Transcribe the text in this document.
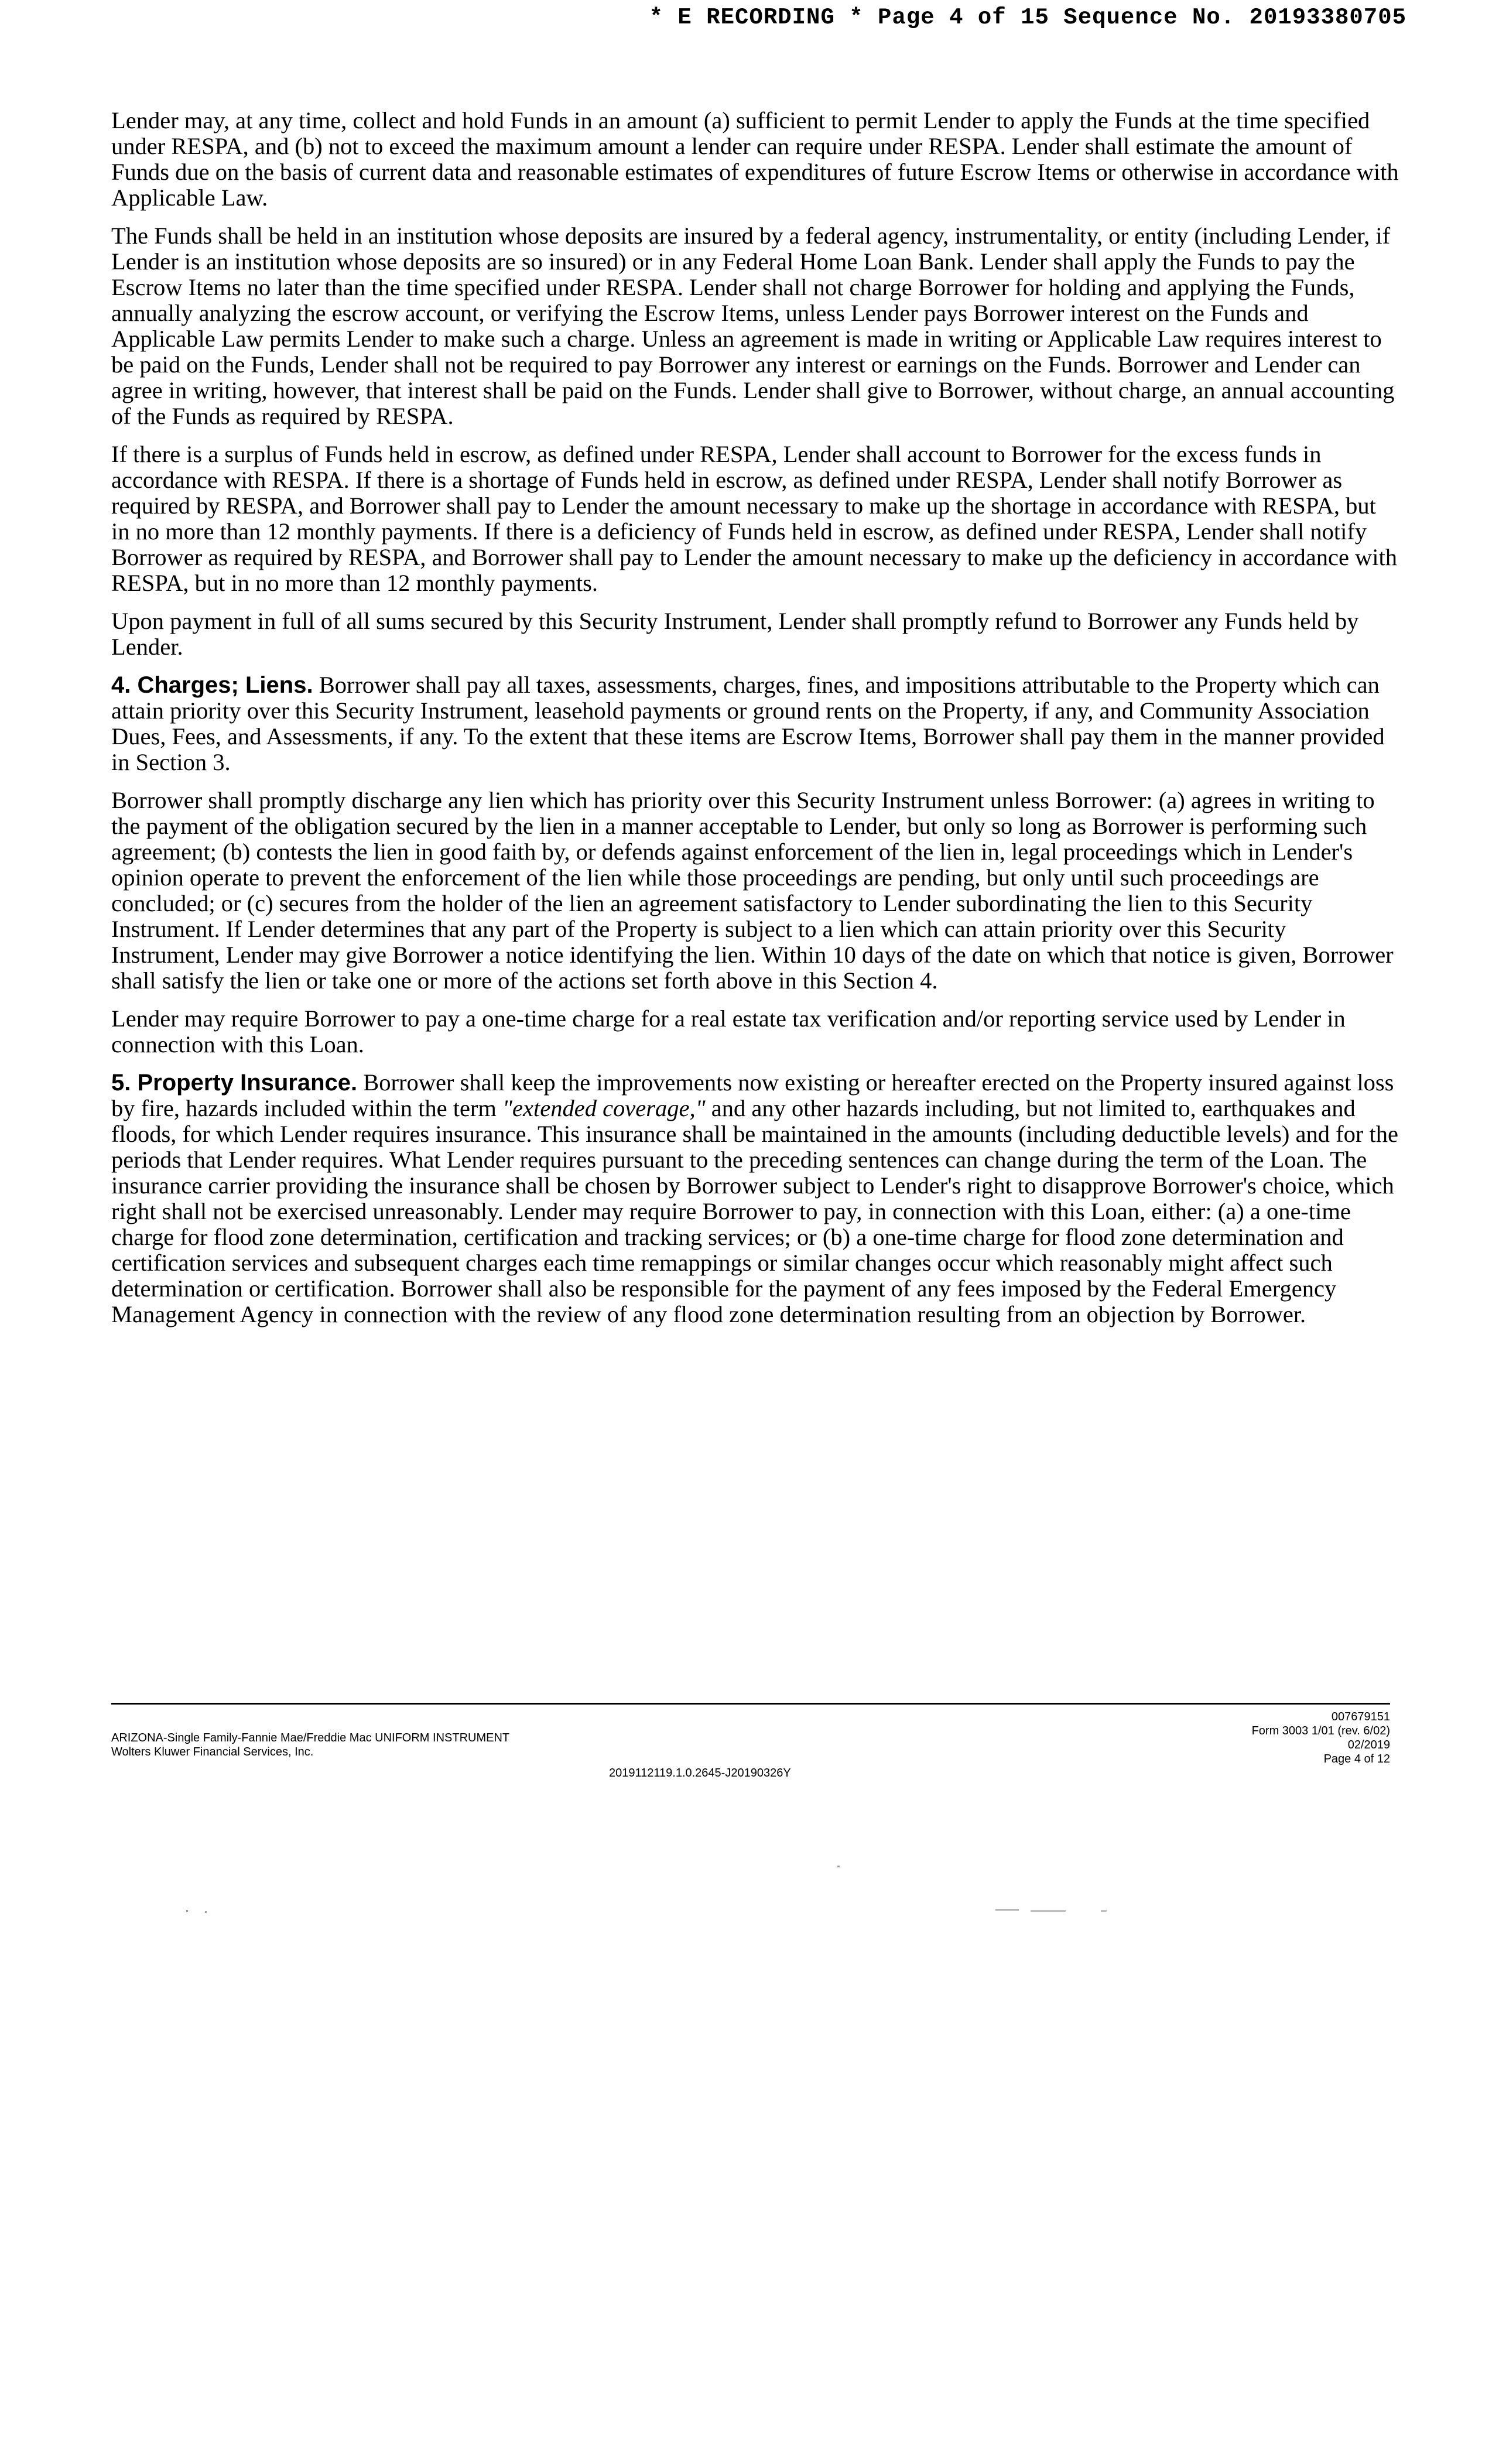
* E RECORDING * Page 4 of 15 Sequence No. 20193380705

Lender may, at any time, collect and hold Funds in an amount (a) sufficient to permit Lender to apply the Funds at the time specified under RESPA, and (b) not to exceed the maximum amount a lender can require under RESPA. Lender shall estimate the amount of Funds due on the basis of current data and reasonable estimates of expenditures of future Escrow Items or otherwise in accordance with Applicable Law.

The Funds shall be held in an institution whose deposits are insured by a federal agency, instrumentality, or entity (including Lender, if Lender is an institution whose deposits are so insured) or in any Federal Home Loan Bank. Lender shall apply the Funds to pay the Escrow Items no later than the time specified under RESPA. Lender shall not charge Borrower for holding and applying the Funds, annually analyzing the escrow account, or verifying the Escrow Items, unless Lender pays Borrower interest on the Funds and Applicable Law permits Lender to make such a charge. Unless an agreement is made in writing or Applicable Law requires interest to be paid on the Funds, Lender shall not be required to pay Borrower any interest or earnings on the Funds. Borrower and Lender can agree in writing, however, that interest shall be paid on the Funds. Lender shall give to Borrower, without charge, an annual accounting of the Funds as required by RESPA.

If there is a surplus of Funds held in escrow, as defined under RESPA, Lender shall account to Borrower for the excess funds in accordance with RESPA. If there is a shortage of Funds held in escrow, as defined under RESPA, Lender shall notify Borrower as required by RESPA, and Borrower shall pay to Lender the amount necessary to make up the shortage in accordance with RESPA, but in no more than 12 monthly payments. If there is a deficiency of Funds held in escrow, as defined under RESPA, Lender shall notify Borrower as required by RESPA, and Borrower shall pay to Lender the amount necessary to make up the deficiency in accordance with RESPA, but in no more than 12 monthly payments.

Upon payment in full of all sums secured by this Security Instrument, Lender shall promptly refund to Borrower any Funds held by Lender.

4. Charges; Liens. Borrower shall pay all taxes, assessments, charges, fines, and impositions attributable to the Property which can attain priority over this Security Instrument, leasehold payments or ground rents on the Property, if any, and Community Association Dues, Fees, and Assessments, if any. To the extent that these items are Escrow Items, Borrower shall pay them in the manner provided in Section 3.

Borrower shall promptly discharge any lien which has priority over this Security Instrument unless Borrower: (a) agrees in writing to the payment of the obligation secured by the lien in a manner acceptable to Lender, but only so long as Borrower is performing such agreement; (b) contests the lien in good faith by, or defends against enforcement of the lien in, legal proceedings which in Lender's opinion operate to prevent the enforcement of the lien while those proceedings are pending, but only until such proceedings are concluded; or (c) secures from the holder of the lien an agreement satisfactory to Lender subordinating the lien to this Security Instrument. If Lender determines that any part of the Property is subject to a lien which can attain priority over this Security Instrument, Lender may give Borrower a notice identifying the lien. Within 10 days of the date on which that notice is given, Borrower shall satisfy the lien or take one or more of the actions set forth above in this Section 4.

Lender may require Borrower to pay a one-time charge for a real estate tax verification and/or reporting service used by Lender in connection with this Loan.

5. Property Insurance. Borrower shall keep the improvements now existing or hereafter erected on the Property insured against loss by fire, hazards included within the term "extended coverage," and any other hazards including, but not limited to, earthquakes and floods, for which Lender requires insurance. This insurance shall be maintained in the amounts (including deductible levels) and for the periods that Lender requires. What Lender requires pursuant to the preceding sentences can change during the term of the Loan. The insurance carrier providing the insurance shall be chosen by Borrower subject to Lender's right to disapprove Borrower's choice, which right shall not be exercised unreasonably. Lender may require Borrower to pay, in connection with this Loan, either: (a) a one-time charge for flood zone determination, certification and tracking services; or (b) a one-time charge for flood zone determination and certification services and subsequent charges each time remappings or similar changes occur which reasonably might affect such determination or certification. Borrower shall also be responsible for the payment of any fees imposed by the Federal Emergency Management Agency in connection with the review of any flood zone determination resulting from an objection by Borrower.

ARIZONA-Single Family-Fannie Mae/Freddie Mac UNIFORM INSTRUMENT
Wolters Kluwer Financial Services, Inc.
2019112119.1.0.2645-J20190326Y
007679151
Form 3003 1/01 (rev. 6/02)
02/2019
Page 4 of 12
